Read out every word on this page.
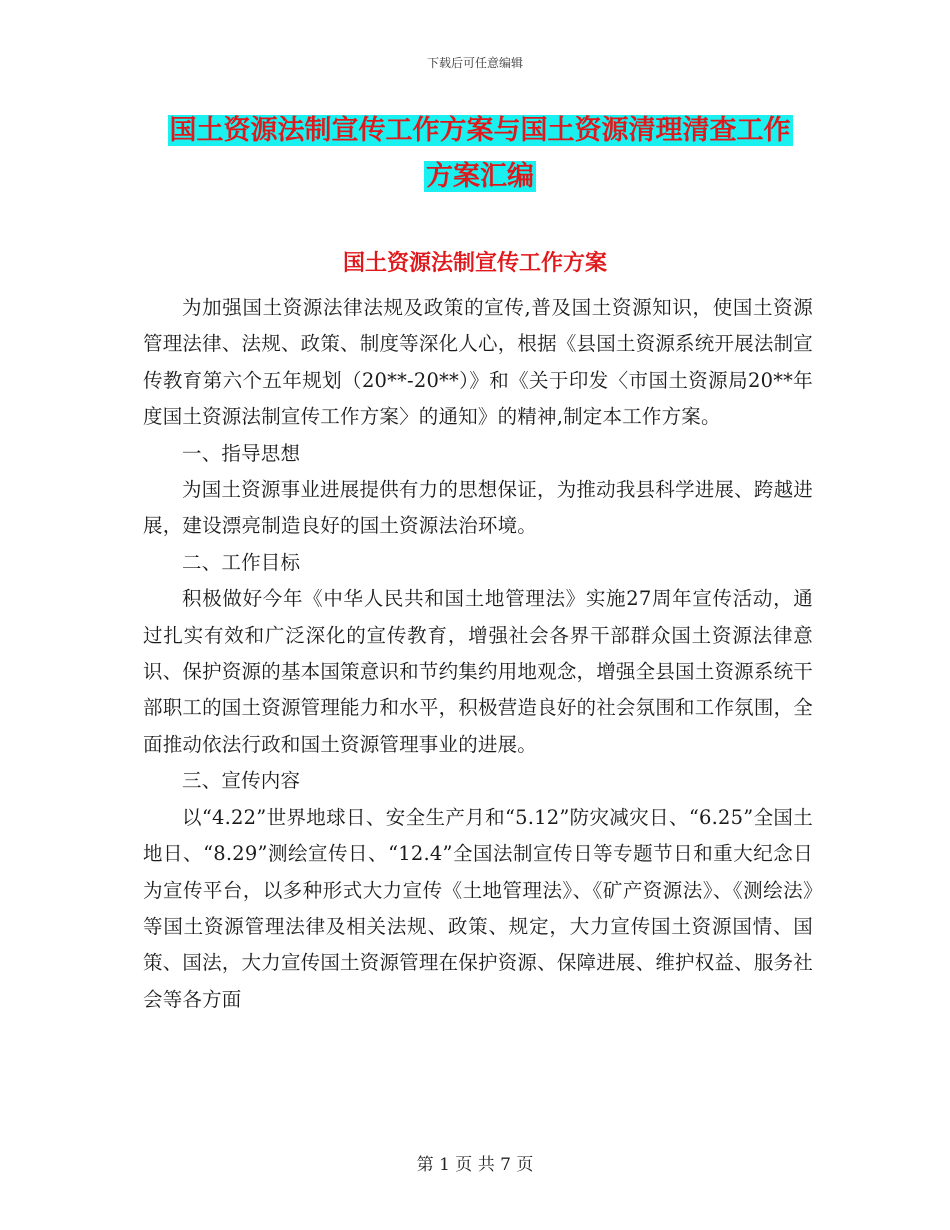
下载后可任意编辑
国土资源法制宣传工作方案与国土资源清理清查工作
方案汇编
国土资源法制宣传工作方案

为加强国土资源法律法规及政策的宣传,普及国土资源知识，使国土资源管理法律、法规、政策、制度等深化人心，根据《县国土资源系统开展法制宣传教育第六个五年规划（20**-20**）》和《关于印发〈市国土资源局20**年度国土资源法制宣传工作方案〉的通知》的精神,制定本工作方案。

一、指导思想

为国土资源事业进展提供有力的思想保证，为推动我县科学进展、跨越进展，建设漂亮制造良好的国土资源法治环境。

二、工作目标

积极做好今年《中华人民共和国土地管理法》实施27周年宣传活动，通过扎实有效和广泛深化的宣传教育，增强社会各界干部群众国土资源法律意识、保护资源的基本国策意识和节约集约用地观念，增强全县国土资源系统干部职工的国土资源管理能力和水平，积极营造良好的社会氛围和工作氛围，全面推动依法行政和国土资源管理事业的进展。

三、宣传内容

以“4.22”世界地球日、安全生产月和“5.12”防灾减灾日、“6.25”全国土地日、“8.29”测绘宣传日、“12.4”全国法制宣传日等专题节日和重大纪念日为宣传平台，以多种形式大力宣传《土地管理法》、《矿产资源法》、《测绘法》等国土资源管理法律及相关法规、政策、规定，大力宣传国土资源国情、国策、国法，大力宣传国土资源管理在保护资源、保障进展、维护权益、服务社会等各方面

第 1 页 共 7 页
